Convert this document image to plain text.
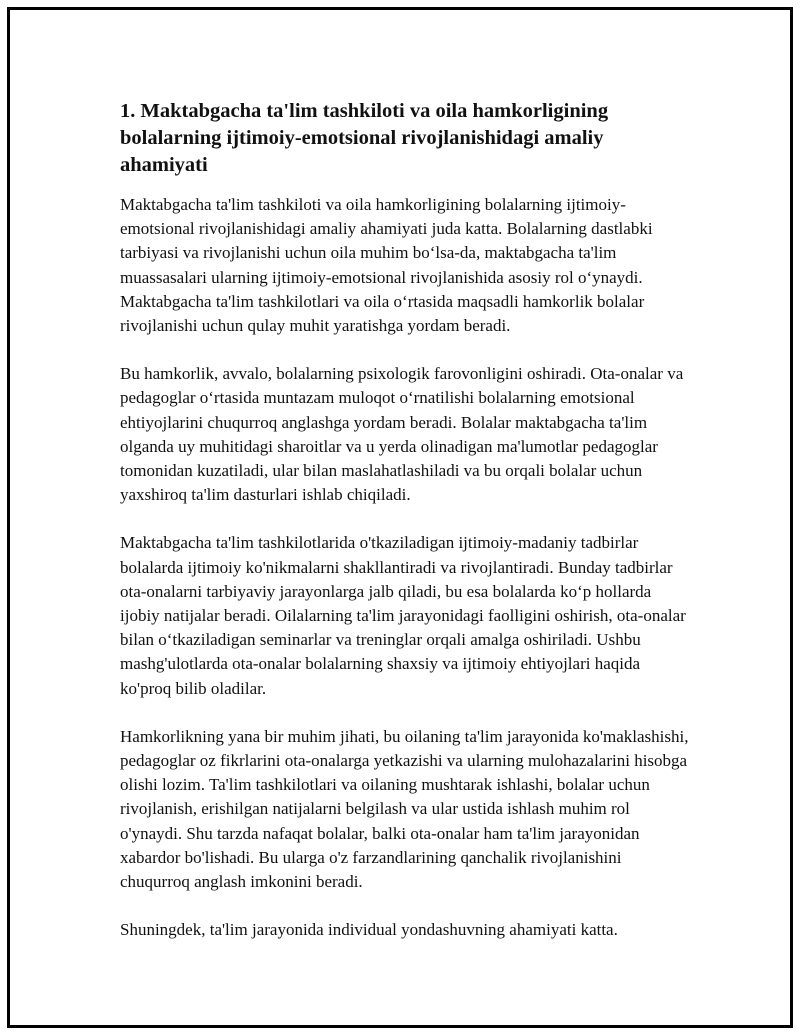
1. Maktabgacha ta'lim tashkiloti va oila hamkorligining bolalarning ijtimoiy-emotsional rivojlanishidagi amaliy ahamiyati

Maktabgacha ta'lim tashkiloti va oila hamkorligining bolalarning ijtimoiy-emotsional rivojlanishidagi amaliy ahamiyati juda katta. Bolalarning dastlabki tarbiyasi va rivojlanishi uchun oila muhim bo‘lsa-da, maktabgacha ta'lim muassasalari ularning ijtimoiy-emotsional rivojlanishida asosiy rol o‘ynaydi. Maktabgacha ta'lim tashkilotlari va oila o‘rtasida maqsadli hamkorlik bolalar rivojlanishi uchun qulay muhit yaratishga yordam beradi.

Bu hamkorlik, avvalo, bolalarning psixologik farovonligini oshiradi. Ota-onalar va pedagoglar o‘rtasida muntazam muloqot o‘rnatilishi bolalarning emotsional ehtiyojlarini chuqurroq anglashga yordam beradi. Bolalar maktabgacha ta'lim olganda uy muhitidagi sharoitlar va u yerda olinadigan ma'lumotlar pedagoglar tomonidan kuzatiladi, ular bilan maslahatlashiladi va bu orqali bolalar uchun yaxshiroq ta'lim dasturlari ishlab chiqiladi.

Maktabgacha ta'lim tashkilotlarida o'tkaziladigan ijtimoiy-madaniy tadbirlar bolalarda ijtimoiy ko'nikmalarni shakllantiradi va rivojlantiradi. Bunday tadbirlar ota-onalarni tarbiyaviy jarayonlarga jalb qiladi, bu esa bolalarda ko‘p hollarda ijobiy natijalar beradi. Oilalarning ta'lim jarayonidagi faolligini oshirish, ota-onalar bilan o‘tkaziladigan seminarlar va treninglar orqali amalga oshiriladi. Ushbu mashg'ulotlarda ota-onalar bolalarning shaxsiy va ijtimoiy ehtiyojlari haqida ko'proq bilib oladilar.

Hamkorlikning yana bir muhim jihati, bu oilaning ta'lim jarayonida ko'maklashishi, pedagoglar oz fikrlarini ota-onalarga yetkazishi va ularning mulohazalarini hisobga olishi lozim. Ta'lim tashkilotlari va oilaning mushtarak ishlashi, bolalar uchun rivojlanish, erishilgan natijalarni belgilash va ular ustida ishlash muhim rol o'ynaydi. Shu tarzda nafaqat bolalar, balki ota-onalar ham ta'lim jarayonidan xabardor bo'lishadi. Bu ularga o'z farzandlarining qanchalik rivojlanishini chuqurroq anglash imkonini beradi.

Shuningdek, ta'lim jarayonida individual yondashuvning ahamiyati katta.
